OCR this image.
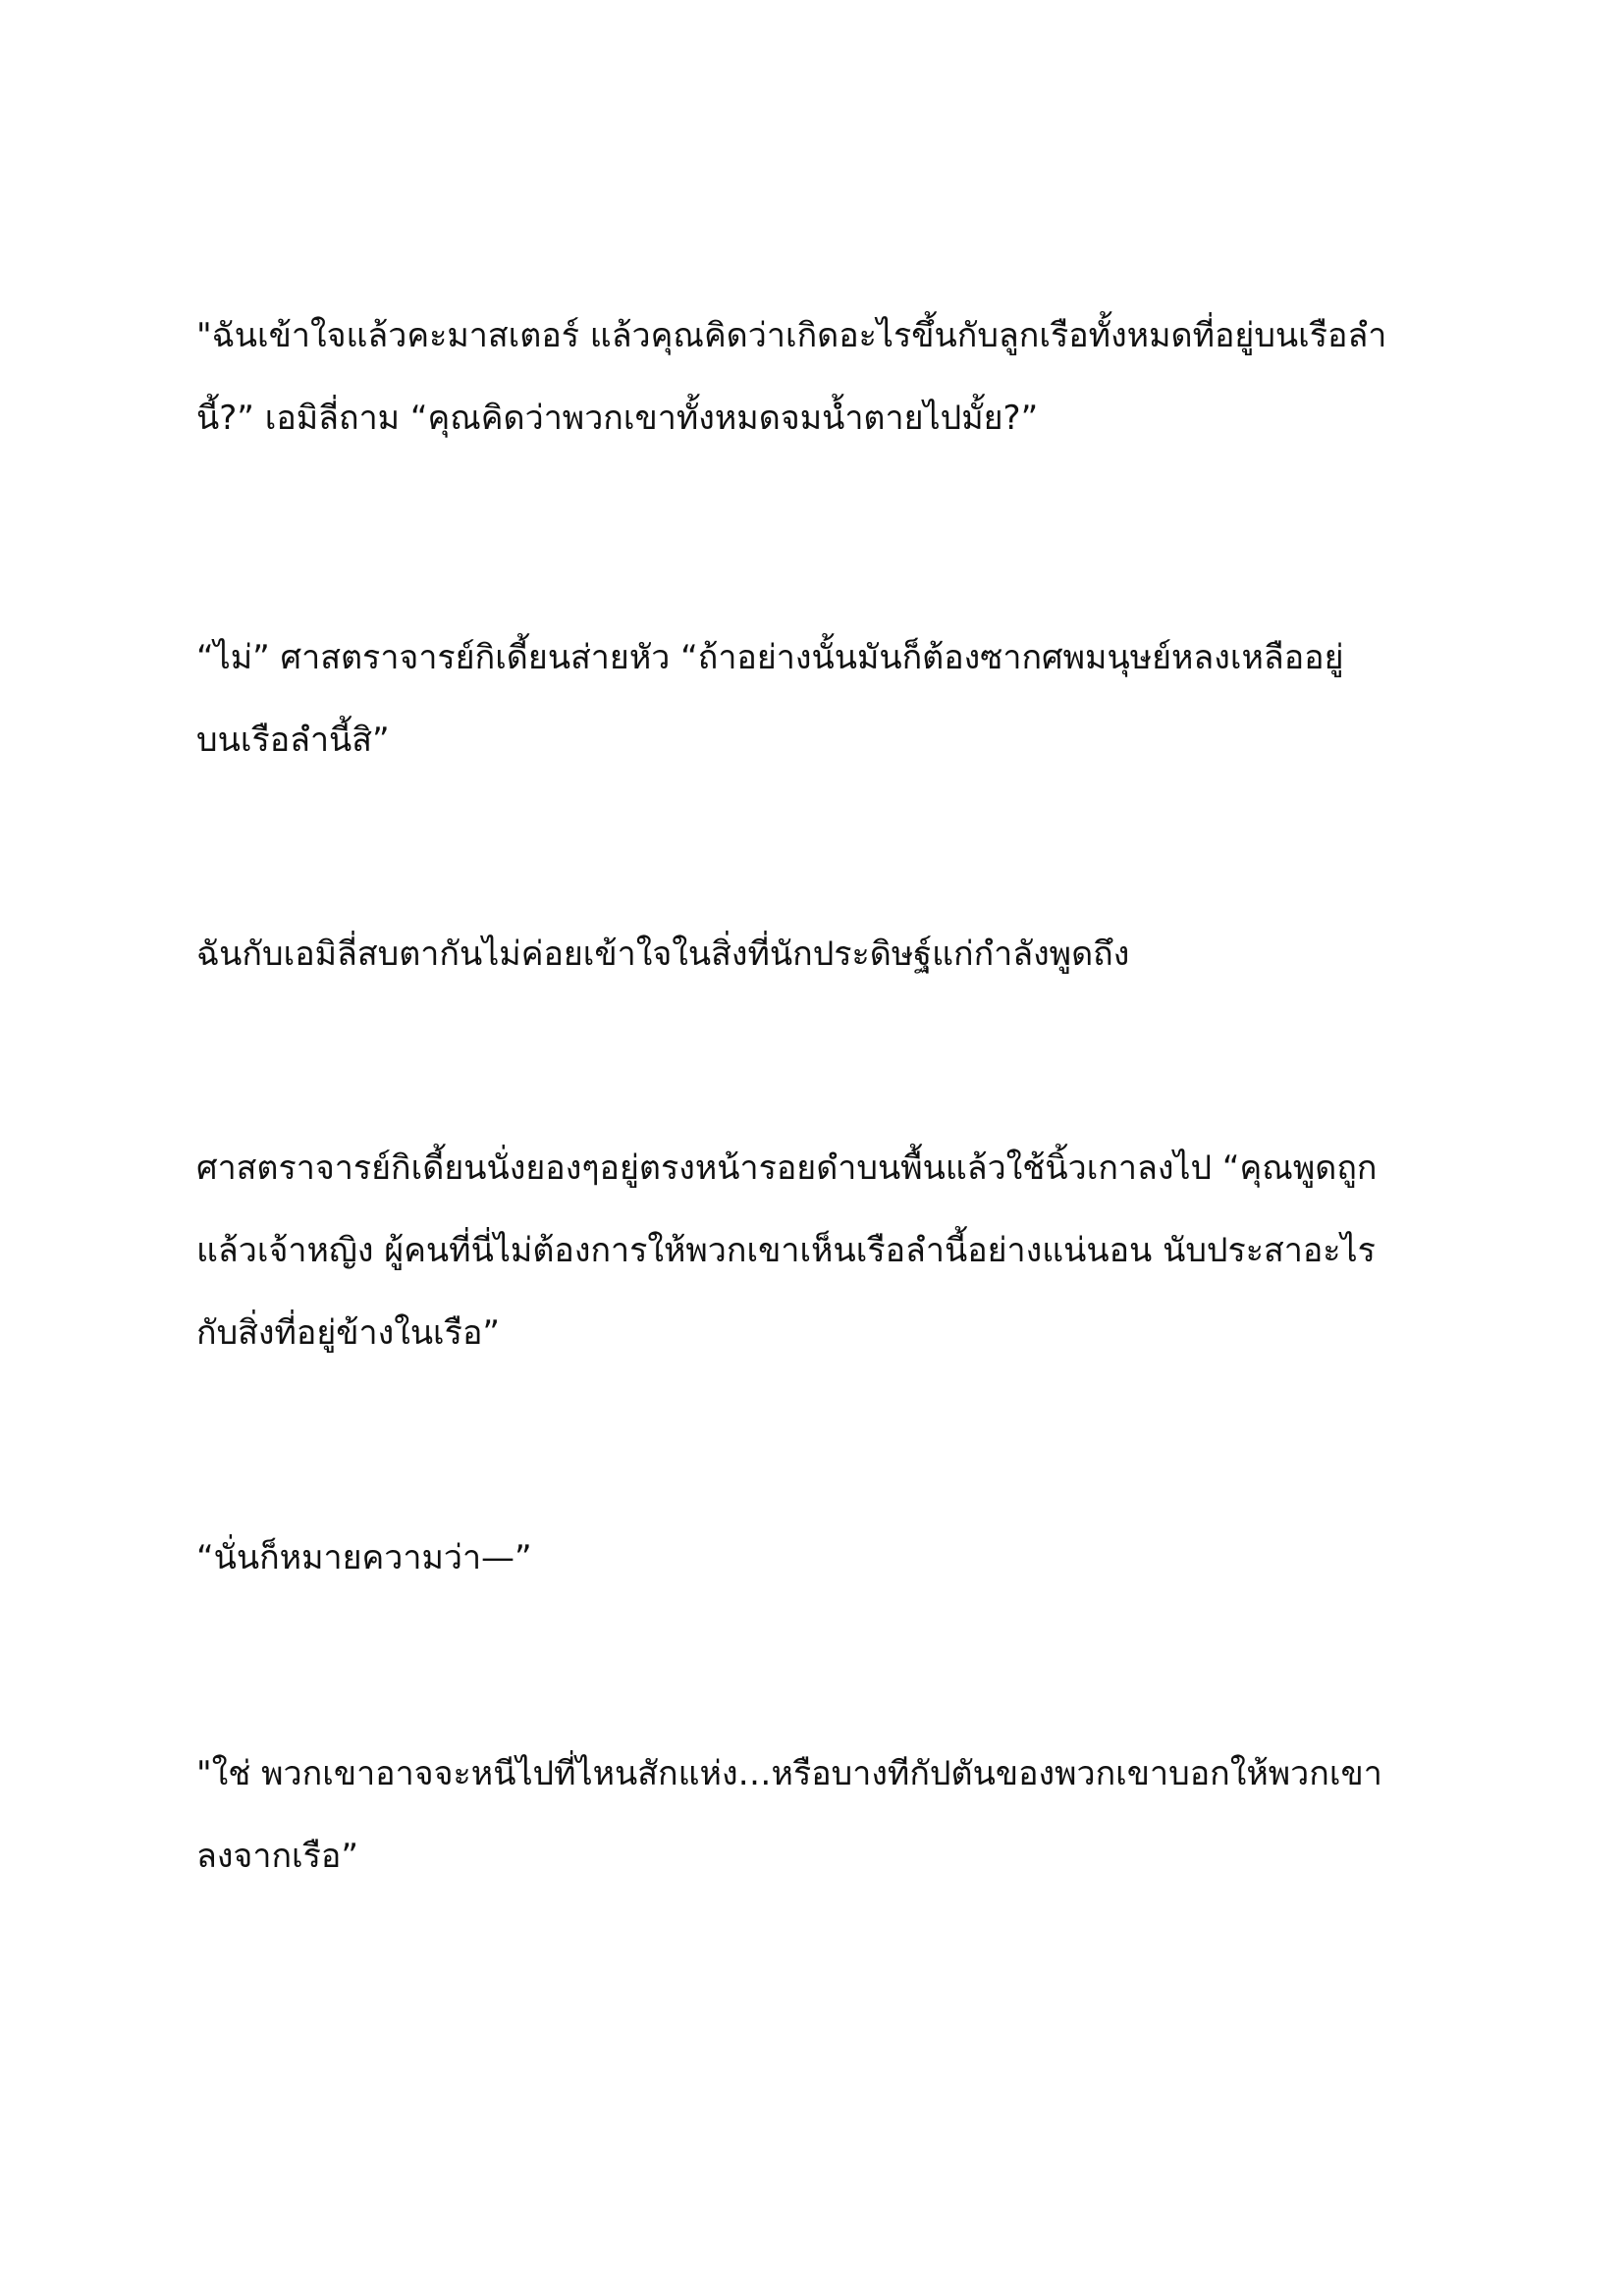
"ฉันเข้าใจแล้วคะมาสเตอร์ แล้วคุณคิดว่าเกิดอะไรขึ้นกับลูกเรือทั้งหมดที่อยู่บนเรือลำ
นี้?” เอมิลี่ถาม “คุณคิดว่าพวกเขาทั้งหมดจมน้ำตายไปมั้ย?”
“ไม่” ศาสตราจารย์กิเดี้ยนส่ายหัว “ถ้าอย่างนั้นมันก็ต้องซากศพมนุษย์หลงเหลืออยู่
บนเรือลำนี้สิ”
ฉันกับเอมิลี่สบตากันไม่ค่อยเข้าใจในสิ่งที่นักประดิษฐ์แก่กำลังพูดถึง
ศาสตราจารย์กิเดี้ยนนั่งยองๆอยู่ตรงหน้ารอยดำบนพื้นแล้วใช้นิ้วเกาลงไป “คุณพูดถูก
แล้วเจ้าหญิง ผู้คนที่นี่ไม่ต้องการให้พวกเขาเห็นเรือลำนี้อย่างแน่นอน นับประสาอะไร
กับสิ่งที่อยู่ข้างในเรือ”
“นั่นก็หมายความว่า—”
"ใช่ พวกเขาอาจจะหนีไปที่ไหนสักแห่ง…หรือบางทีกัปตันของพวกเขาบอกให้พวกเขา
ลงจากเรือ”
